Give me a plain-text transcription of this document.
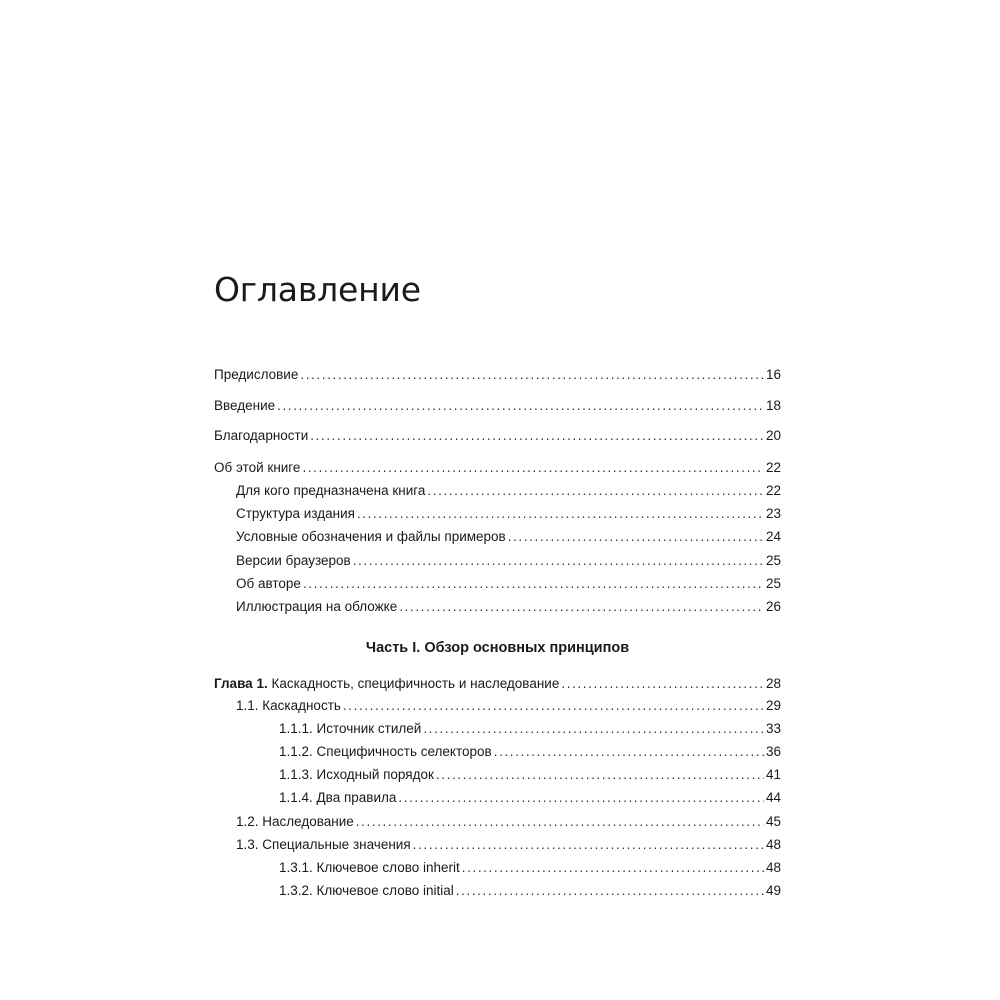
Оглавление
Предисловие .....	16
Введение .....	18
Благодарности .....	20
Об этой книге .....	22
Для кого предназначена книга .....	22
Структура издания .....	23
Условные обозначения и файлы примеров .....	24
Версии браузеров .....	25
Об авторе .....	25
Иллюстрация на обложке .....	26
Часть I. Обзор основных принципов
Глава 1. Каскадность, специфичность и наследование .....	28
1.1. Каскадность .....	29
1.1.1. Источник стилей .....	33
1.1.2. Специфичность селекторов .....	36
1.1.3. Исходный порядок .....	41
1.1.4. Два правила .....	44
1.2. Наследование .....	45
1.3. Специальные значения .....	48
1.3.1. Ключевое слово inherit .....	48
1.3.2. Ключевое слово initial .....	49
